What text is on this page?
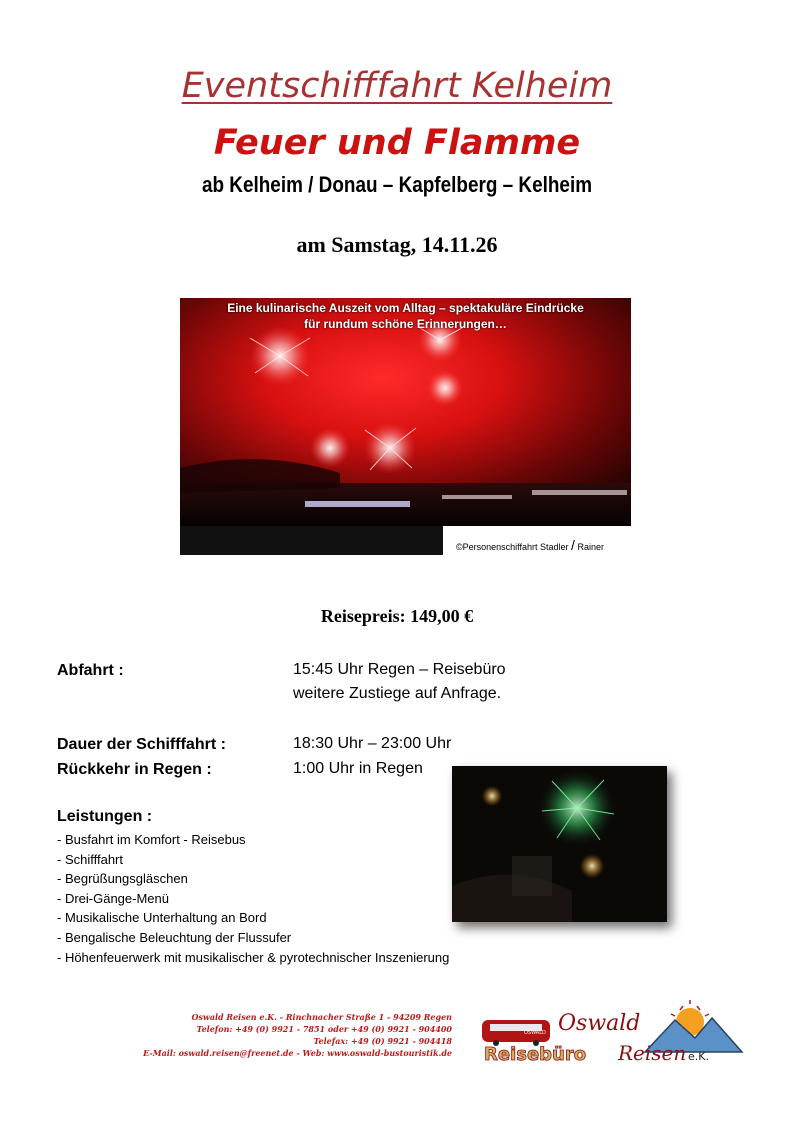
Eventschifffahrt Kelheim
Feuer und Flamme
ab Kelheim / Donau – Kapfelberg – Kelheim
am Samstag, 14.11.26
Eine kulinarische Auszeit vom Alltag – spektakuläre Eindrücke
für rundum schöne Erinnerungen…
©Personenschiffahrt Stadler / Rainer
Reisepreis: 149,00 €
Abfahrt :	15:45 Uhr Regen – Reisebüro
weitere Zustiege auf Anfrage.
Dauer der Schifffahrt :	18:30 Uhr – 23:00 Uhr
Rückkehr in Regen :	1:00 Uhr in Regen
Leistungen :
- Busfahrt im Komfort - Reisebus
- Schifffahrt
- Begrüßungsgläschen
- Drei-Gänge-Menü
- Musikalische Unterhaltung an Bord
- Bengalische Beleuchtung der Flussufer
- Höhenfeuerwerk mit musikalischer & pyrotechnischer Inszenierung
Oswald Reisen e.K. - Rinchnacher Straße 1 - 94209 Regen
Telefon: +49 (0) 9921 - 7851 oder +49 (0) 9921 - 904400
Telefax: +49 (0) 9921 - 904418
E-Mail: oswald.reisen@freenet.de - Web: www.oswald-bustouristik.de
OSWALD Oswald
Reisebüro Reisen e.K.
